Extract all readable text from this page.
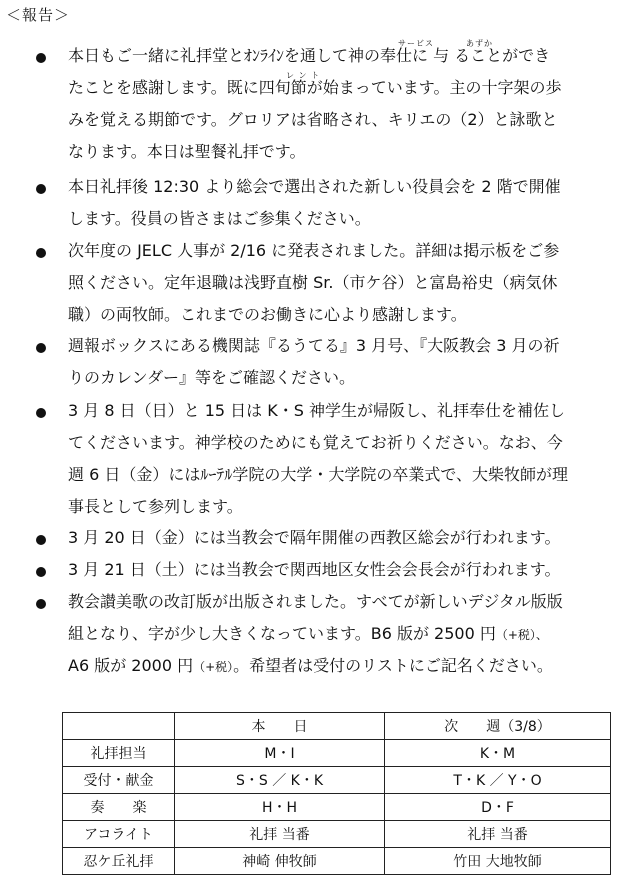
＜報告＞
サービス	あずか
本日もご一緒に礼拝堂とｵﾝﾗｲﾝを通して神の奉仕に 与 ることができ
レ ン ト
たことを感謝します。既に四旬節が始まっています。主の十字架の歩
みを覚える期節です。グロリアは省略され、キリエの（2）と詠歌と
なります。本日は聖餐礼拝です。
本日礼拝後 12:30 より総会で選出された新しい役員会を 2 階で開催
します。役員の皆さまはご参集ください。
次年度の JELC 人事が 2/16 に発表されました。詳細は掲示板をご参
照ください。定年退職は浅野直樹 Sr.（市ケ谷）と富島裕史（病気休
職）の両牧師。これまでのお働きに心より感謝します。
週報ボックスにある機関誌『るうてる』3 月号、『大阪教会 3 月の祈
りのカレンダー』等をご確認ください。
3 月 8 日（日）と 15 日は K・S 神学生が帰阪し、礼拝奉仕を補佐し
てくださいます。神学校のためにも覚えてお祈りください。なお、今
週 6 日（金）にはﾙｰﾃﾙ学院の大学・大学院の卒業式で、大柴牧師が理
事長として参列します。
3 月 20 日（金）には当教会で隔年開催の西教区総会が行われます。
3 月 21 日（土）には当教会で関西地区女性会会長会が行われます。
教会讃美歌の改訂版が出版されました。すべてが新しいデジタル版版
組となり、字が少し大きくなっています。B6 版が 2500 円（+税）、
A6 版が 2000 円（+税）。希望者は受付のリストにご記名ください。
	本　　日	次　　週（3/8）
礼拝担当	M・I	K・M
受付・献金	S・S ／ K・K	T・K ／ Y・O
奏　　楽	H・H	D・F
アコライト	礼拝 当番	礼拝 当番
忍ケ丘礼拝	神崎 伸牧師	竹田 大地牧師
